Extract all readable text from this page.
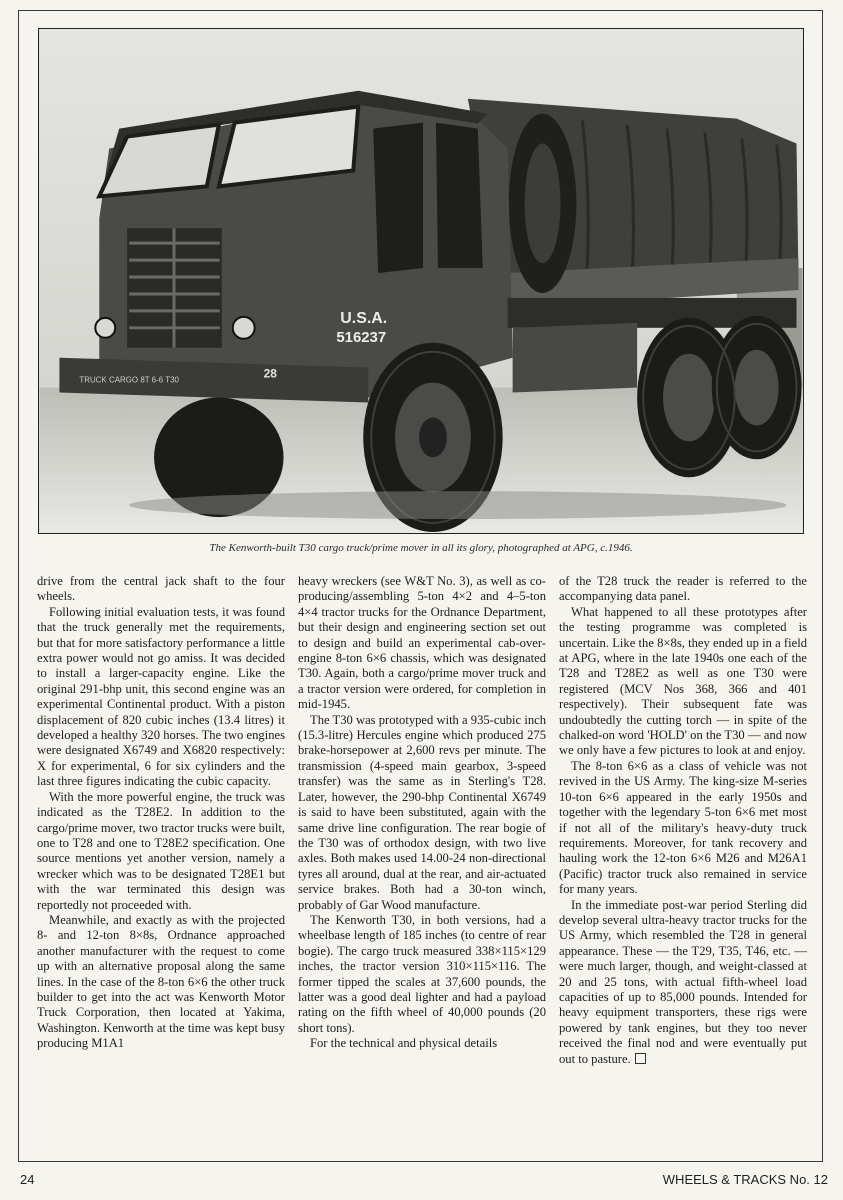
TRUCK CARGO 8T 6-6 T30	28
U.S.A.
516237
The Kenworth-built T30 cargo truck/prime mover in all its glory, photographed at APG, c.1946.

drive from the central jack shaft to the four wheels.

Following initial evaluation tests, it was found that the truck generally met the requirements, but that for more satisfactory performance a little extra power would not go amiss. It was decided to install a larger-capacity engine. Like the original 291-bhp unit, this second engine was an experimental Continental product. With a piston displacement of 820 cubic inches (13.4 litres) it developed a healthy 320 horses. The two engines were designated X6749 and X6820 respectively: X for experimental, 6 for six cylinders and the last three figures indicating the cubic capacity.

With the more powerful engine, the truck was indicated as the T28E2. In addition to the cargo/prime mover, two tractor trucks were built, one to T28 and one to T28E2 specification. One source mentions yet another version, namely a wrecker which was to be designated T28E1 but with the war terminated this design was reportedly not proceeded with.

Meanwhile, and exactly as with the projected 8- and 12-ton 8×8s, Ordnance approached another manufacturer with the request to come up with an alternative proposal along the same lines. In the case of the 8-ton 6×6 the other truck builder to get into the act was Kenworth Motor Truck Corporation, then located at Yakima, Washington. Kenworth at the time was kept busy producing M1A1

heavy wreckers (see W&T No. 3), as well as co-producing/assembling 5-ton 4×2 and 4–5-ton 4×4 tractor trucks for the Ordnance Department, but their design and engineering section set out to design and build an experimental cab-over-engine 8-ton 6×6 chassis, which was designated T30. Again, both a cargo/prime mover truck and a tractor version were ordered, for completion in mid-1945.

The T30 was prototyped with a 935-cubic inch (15.3-litre) Hercules engine which produced 275 brake-horsepower at 2,600 revs per minute. The transmission (4-speed main gearbox, 3-speed transfer) was the same as in Sterling's T28. Later, however, the 290-bhp Continental X6749 is said to have been substituted, again with the same drive line configuration. The rear bogie of the T30 was of orthodox design, with two live axles. Both makes used 14.00-24 non-directional tyres all around, dual at the rear, and air-actuated service brakes. Both had a 30-ton winch, probably of Gar Wood manufacture.

The Kenworth T30, in both versions, had a wheelbase length of 185 inches (to centre of rear bogie). The cargo truck measured 338×115×129 inches, the tractor version 310×115×116. The former tipped the scales at 37,600 pounds, the latter was a good deal lighter and had a payload rating on the fifth wheel of 40,000 pounds (20 short tons).

For the technical and physical details

of the T28 truck the reader is referred to the accompanying data panel.

What happened to all these prototypes after the testing programme was completed is uncertain. Like the 8×8s, they ended up in a field at APG, where in the late 1940s one each of the T28 and T28E2 as well as one T30 were registered (MCV Nos 368, 366 and 401 respectively). Their subsequent fate was undoubtedly the cutting torch — in spite of the chalked-on word 'HOLD' on the T30 — and now we only have a few pictures to look at and enjoy.

The 8-ton 6×6 as a class of vehicle was not revived in the US Army. The king-size M-series 10-ton 6×6 appeared in the early 1950s and together with the legendary 5-ton 6×6 met most if not all of the military's heavy-duty truck requirements. Moreover, for tank recovery and hauling work the 12-ton 6×6 M26 and M26A1 (Pacific) tractor truck also remained in service for many years.

In the immediate post-war period Sterling did develop several ultra-heavy tractor trucks for the US Army, which resembled the T28 in general appearance. These — the T29, T35, T46, etc. — were much larger, though, and weight-classed at 20 and 25 tons, with actual fifth-wheel load capacities of up to 85,000 pounds. Intended for heavy equipment transporters, these rigs were powered by tank engines, but they too never received the final nod and were eventually put out to pasture.

24	WHEELS & TRACKS No. 12
